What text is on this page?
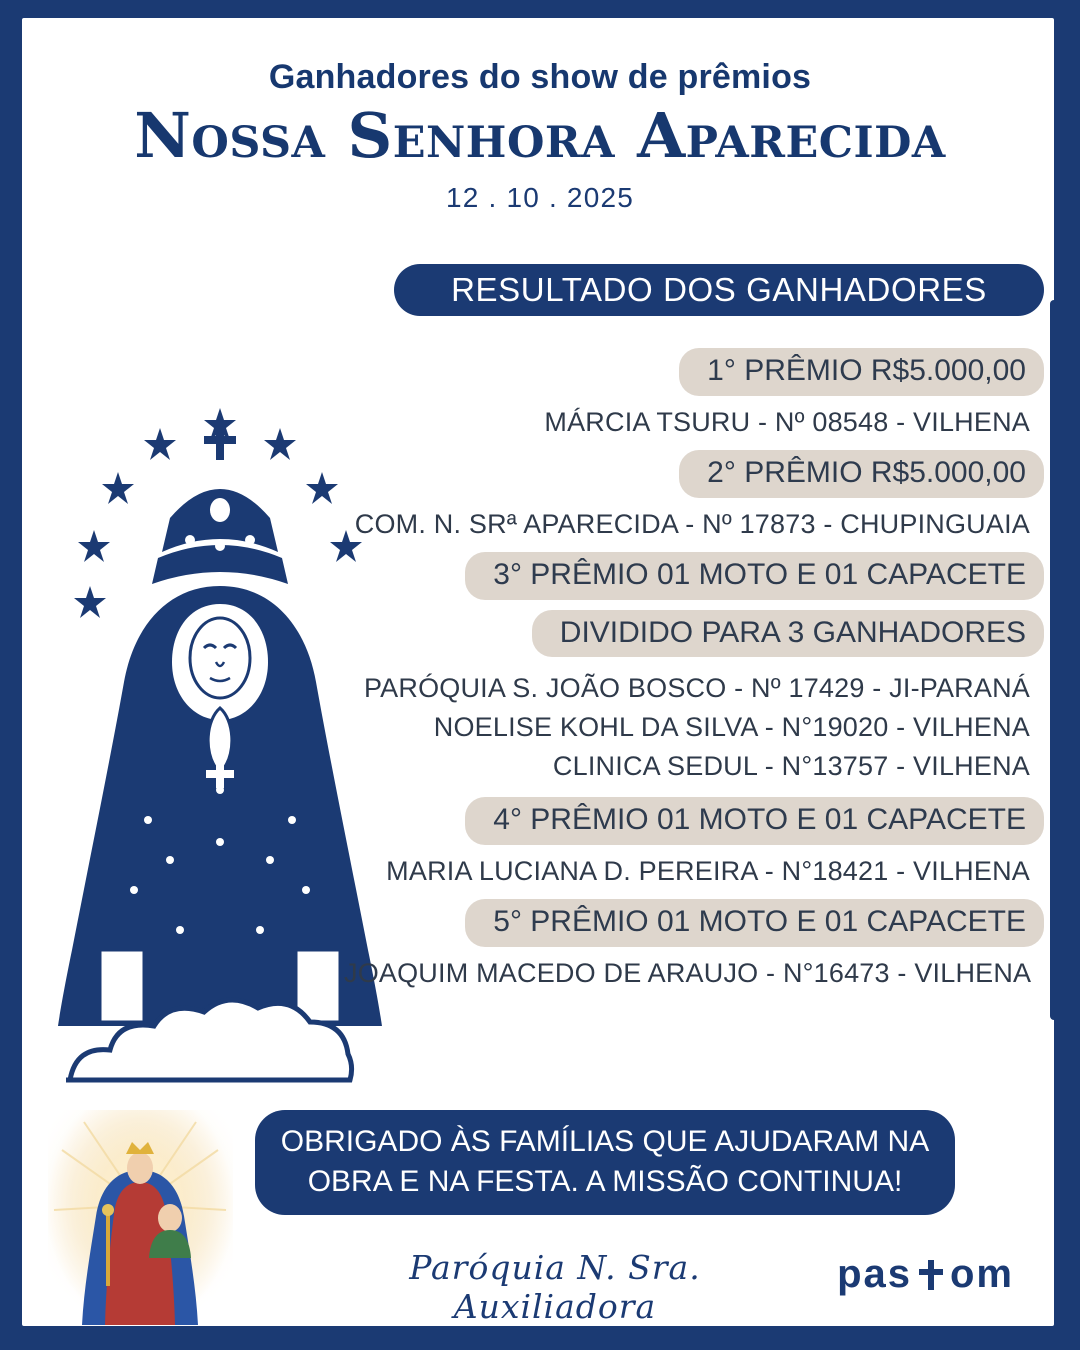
Ganhadores do show de prêmios
Nossa Senhora Aparecida
12 . 10 . 2025
RESULTADO DOS GANHADORES
1° PRÊMIO R$5.000,00
MÁRCIA TSURU - Nº 08548 - VILHENA
2° PRÊMIO R$5.000,00
COM. N. SRª APARECIDA - Nº 17873 - CHUPINGUAIA
3° PRÊMIO 01 MOTO E 01 CAPACETE
DIVIDIDO PARA 3 GANHADORES
PARÓQUIA S. JOÃO BOSCO - Nº 17429 - JI-PARANÁ
NOELISE KOHL DA SILVA - N°19020 - VILHENA
CLINICA SEDUL - N°13757 - VILHENA
4° PRÊMIO 01 MOTO E 01 CAPACETE
MARIA LUCIANA D. PEREIRA - N°18421 - VILHENA
5° PRÊMIO 01 MOTO E 01 CAPACETE
JOAQUIM MACEDO DE ARAUJO - N°16473 - VILHENA
OBRIGADO ÀS FAMÍLIAS QUE AJUDARAM NA
OBRA E NA FESTA. A MISSÃO CONTINUA!
Paróquia N. Sra. Auxiliadora
pas om
